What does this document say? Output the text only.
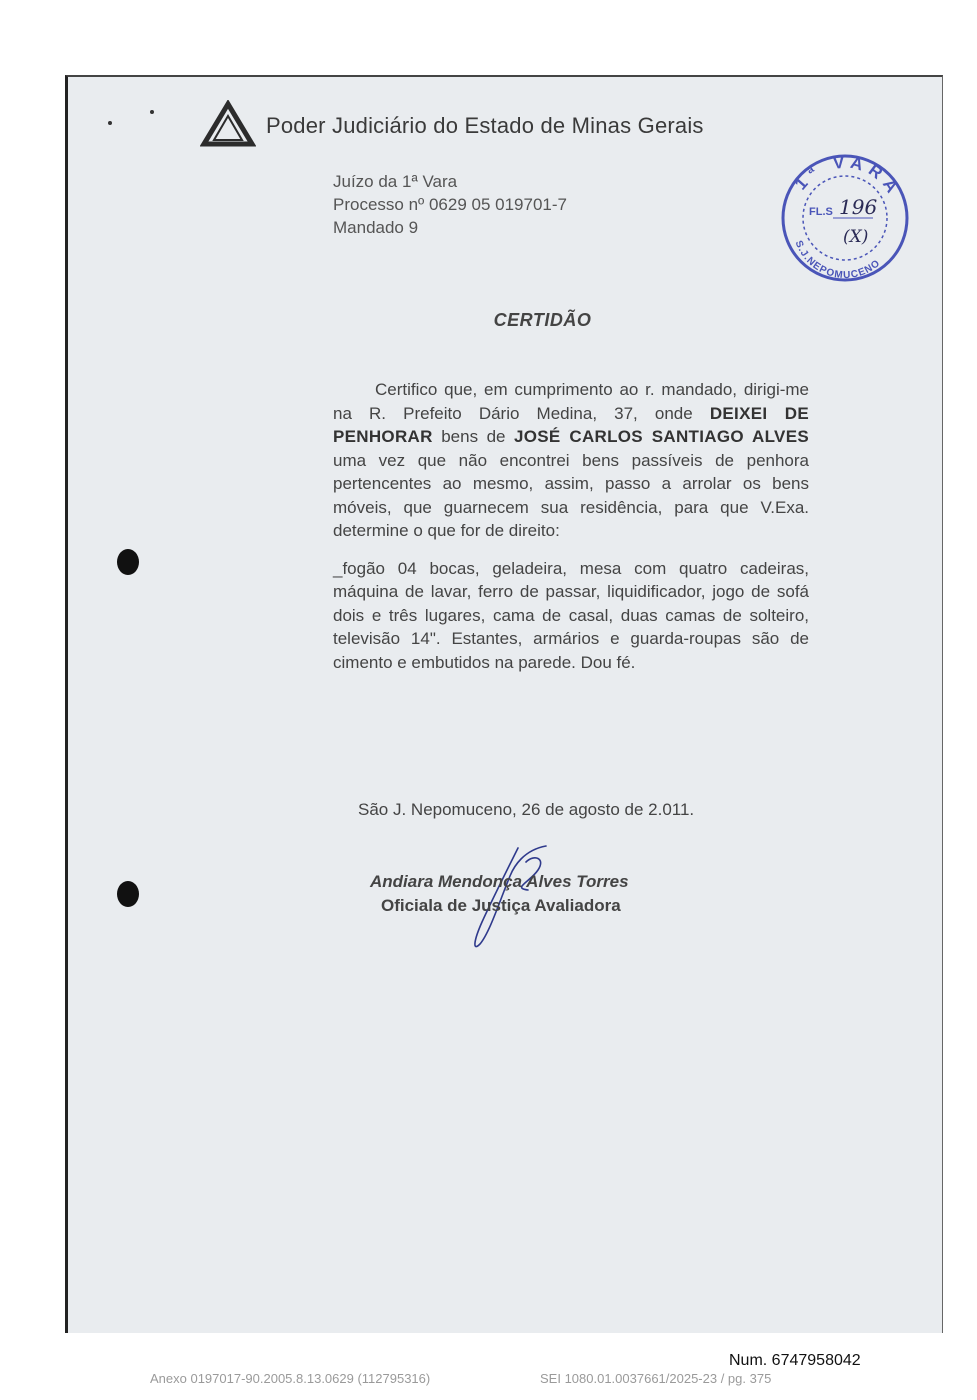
Poder Judiciário do Estado de Minas Gerais
Juízo da 1ª Vara
Processo nº 0629 05 019701-7
Mandado 9
1ª VARA
S.J.NEPOMUCENO
FL.S 196
(X)
CERTIDÃO

Certifico que, em cumprimento ao r. mandado, dirigi-me na R. Prefeito Dário Medina, 37, onde DEIXEI DE PENHORAR bens de JOSÉ CARLOS SANTIAGO ALVES uma vez que não encontrei bens passíveis de penhora pertencentes ao mesmo, assim, passo a arrolar os bens móveis, que guarnecem sua residência, para que V.Exa. determine o que for de direito:

_fogão 04 bocas, geladeira, mesa com quatro cadeiras, máquina de lavar, ferro de passar, liquidificador, jogo de sofá dois e três lugares, cama de casal, duas camas de solteiro, televisão 14". Estantes, armários e guarda-roupas são de cimento e embutidos na parede. Dou fé.

São J. Nepomuceno, 26 de agosto de 2.011.
Andiara Mendonça Alves Torres
Oficiala de Justiça Avaliadora
Num. 6747958042
Anexo 0197017-90.2005.8.13.0629 (112795316)	SEI 1080.01.0037661/2025-23 / pg. 375
